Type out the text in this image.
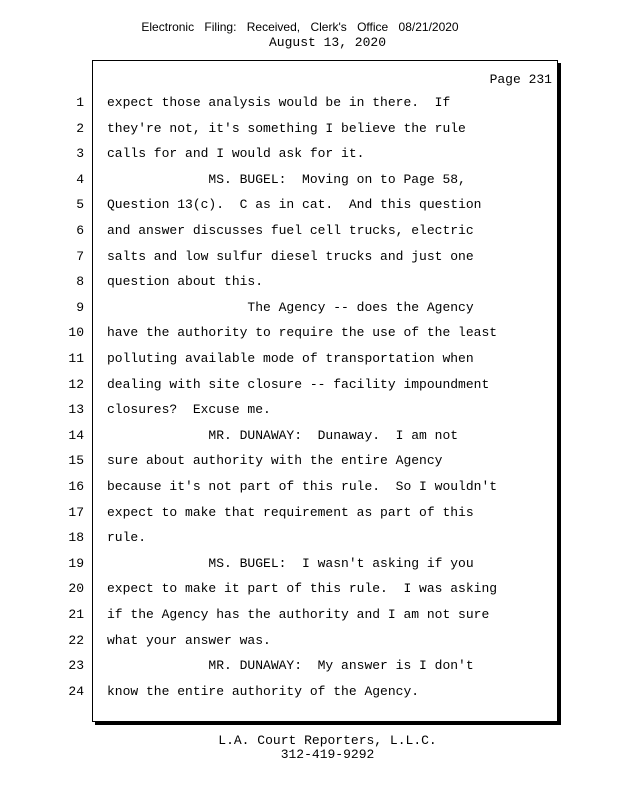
Electronic Filing: Received, Clerk's Office 08/21/2020
August 13, 2020
Page 231
1 expect those analysis would be in there.  If
2 they're not, it's something I believe the rule
3 calls for and I would ask for it.
4 MS. BUGEL:  Moving on to Page 58,
5 Question 13(c).  C as in cat.  And this question
6 and answer discusses fuel cell trucks, electric
7 salts and low sulfur diesel trucks and just one
8 question about this.
9 The Agency -- does the Agency
10 have the authority to require the use of the least
11 polluting available mode of transportation when
12 dealing with site closure -- facility impoundment
13 closures?  Excuse me.
14 MR. DUNAWAY:  Dunaway.  I am not
15 sure about authority with the entire Agency
16 because it's not part of this rule.  So I wouldn't
17 expect to make that requirement as part of this
18 rule.
19 MS. BUGEL:  I wasn't asking if you
20 expect to make it part of this rule.  I was asking
21 if the Agency has the authority and I am not sure
22 what your answer was.
23 MR. DUNAWAY:  My answer is I don't
24 know the entire authority of the Agency.
L.A. Court Reporters, L.L.C.
312-419-9292
